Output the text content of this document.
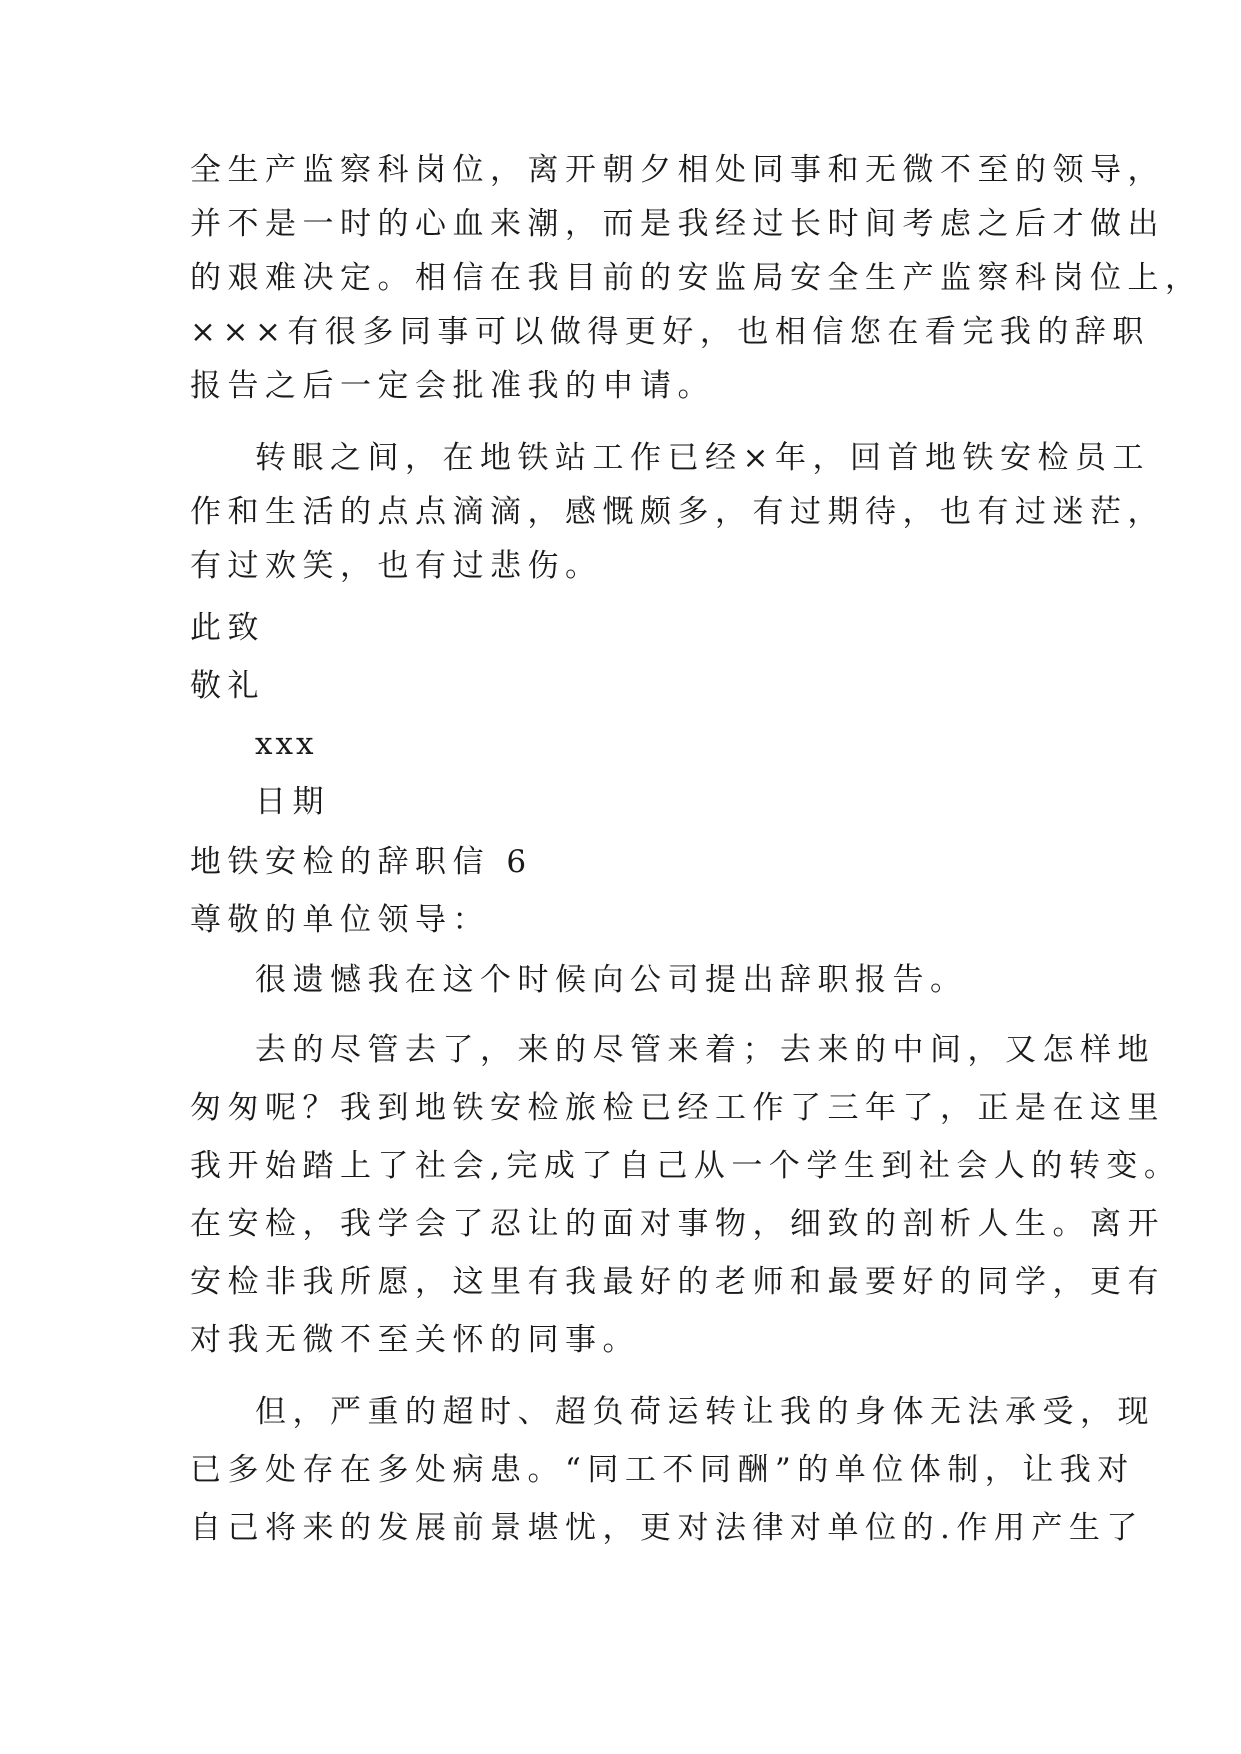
全生产监察科岗位，离开朝夕相处同事和无微不至的领导，
并不是一时的心血来潮，而是我经过长时间考虑之后才做出
的艰难决定。相信在我目前的安监局安全生产监察科岗位上，
×××有很多同事可以做得更好，也相信您在看完我的辞职
报告之后一定会批准我的申请。
转眼之间，在地铁站工作已经×年，回首地铁安检员工
作和生活的点点滴滴，感慨颇多，有过期待，也有过迷茫，
有过欢笑，也有过悲伤。
此致
敬礼
xxx
日期
地铁安检的辞职信 6
尊敬的单位领导：
很遗憾我在这个时候向公司提出辞职报告。
去的尽管去了，来的尽管来着；去来的中间，又怎样地
匆匆呢？我到地铁安检旅检已经工作了三年了，正是在这里
我开始踏上了社会,完成了自己从一个学生到社会人的转变。
在安检，我学会了忍让的面对事物，细致的剖析人生。离开
安检非我所愿，这里有我最好的老师和最要好的同学，更有
对我无微不至关怀的同事。
但，严重的超时、超负荷运转让我的身体无法承受，现
已多处存在多处病患。“同工不同酬”的单位体制，让我对
自己将来的发展前景堪忧，更对法律对单位的.作用产生了
